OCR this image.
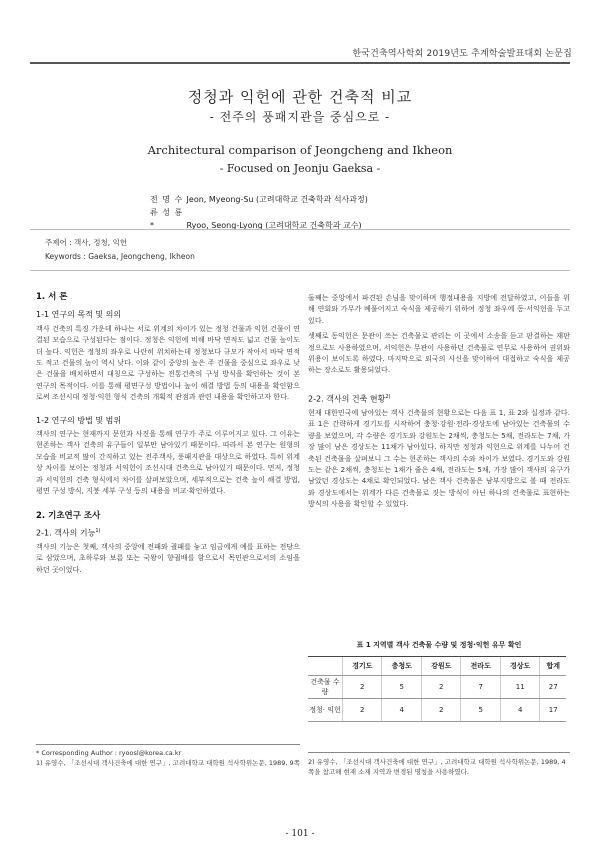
한국건축역사학회 2019년도 추계학술발표대회 논문집
정청과 익헌에 관한 건축적 비교
- 전주의 풍패지관을 중심으로 -
Architectural comparison of Jeongcheng and Ikheon
- Focused on Jeonju Gaeksa -
전 명 수 Jeon, Myeong-Su (고려대학교 건축학과 석사과정)
류 성 룡*	Ryoo, Seong-Lyong (고려대학교 건축학과 교수)
주제어 : 객사, 정청, 익헌
Keywords : Gaeksa, Jeongcheng, Ikheon
1. 서 론
1-1 연구의 목적 및 의의

객사 건축의 특징 가운데 하나는 서로 위계의 차이가 있는 정청 건물과 익헌 건물이 연결된 모습으로 구성된다는 점이다. 정청은 익헌에 비해 바닥 면적도 넓고 건물 높이도 더 높다. 익헌은 정청의 좌우로 나란히 위치하는데 정청보다 규모가 작아서 바닥 면적도 적고 건물의 높이 역시 낮다. 이와 같이 중앙의 높은 주 건물을 중심으로 좌우로 낮은 건물을 배치하면서 대칭으로 구성하는 전통건축의 구성 방식을 확인하는 것이 본 연구의 목적이다. 이를 통해 평면구성 방법이나 높이 해결 방법 등의 내용을 확인함으로써 조선시대 정청·익헌 형식 건축의 개획적 관점과 관련 내용을 확인하고자 한다.

1-2 연구의 방법 및 범위

객사의 연구는 현재까지 문헌과 사진을 통해 연구가 주로 이루어지고 있다. 그 이유는 현존하는 객사 건축의 유구들이 일부만 남아있기 때문이다. 따라서 본 연구는 원형의 모습을 비교적 많이 간직하고 있는 전주객사, 풍패지관을 대상으로 하였다. 특히 위계상 차이를 보이는 정청과 서익헌이 조선시대 건축으로 남아있기 때문이다. 먼저, 정청과 서익헌의 건축 형식에서 차이를 살펴보았으며, 세부적으로는 건축 높이 해결 방법, 평면 구성 방식, 지붕 세부 구성 등의 내용을 비교·확인하였다.

2. 기초연구 조사
2-1. 객사의 기능$^{1)}$

객사의 기능은 첫째, 객사의 중앙에 전패와 궐패를 놓고 임금에게 예를 표하는 전당으로 삼았으며, 초하루와 보름 또는 국왕이 향궐배를 함으로서 목민관으로서의 소임을 하던 곳이었다.

* Corresponding Author : ryoosl@korea.ca.kr
1) 유영수, 「조선시대 객사건축에 대한 연구」, 고려대학교 대학원 석사학위논문, 1989, 9쪽

둘째는 중앙에서 파견된 손님을 맞이하며 행정내용을 지방에 전달하였고, 이들을 위해 연회와 가무가 베풀어지고 숙식을 제공하기 위하여 정청 좌우에 동·서익헌을 두고 있다.

셋째로 동익헌은 문관이 쓰는 건축물로 관리는 이 곳에서 소송을 듣고 판결하는 재판정으로도 사용하였으며, 서익헌은 무관이 사용하던 건축물로 연무로 사용하여 권위와 위용이 보이도록 하였다. 마지막으로 외국의 사신을 맞이하여 대접하고 숙식을 제공하는 장소로도 활용되었다.

2-2. 객사의 건축 현황$^{2)}$

현재 대한민국에 남아있는 객사 건축물의 현황으로는 다음 표 1, 표 2와 실정과 같다. 표 1은 간략하게 경기도를 시작하여 충청·강원·전라·경상도에 남아있는 건축물의 수량을 보였으며, 각 수량은 경기도와 강원도는 2채씩, 충청도는 5채, 전라도는 7채, 가장 많이 남은 경상도는 11채가 남아있다. 하지만 정청과 익헌으로 위계를 나누어 건축된 건축물을 살펴보니 그 수는 현존하는 객사의 수와 차이가 보였다. 경기도와 강원도는 같은 2채씩, 충청도는 1채가 줄은 4채, 전라도는 5채, 가장 많이 객사의 유구가 남았던 경상도는 4채로 확인되었다. 남은 객사 건축물은 남부지방으로 볼 때 전라도와 경상도에서는 위계가 다른 건축물로 짓는 방식이 아닌 하나의 건축물로 표현하는 방식의 사용을 확인할 수 있었다.

표 1 지역별 객사 건축물 수량 및 정청·익헌 유무 확인
	경기도	충청도	강원도	전라도	경상도	합계
건축물 수량	2	5	2	7	11	27
정청· 익헌	2	4	2	5	4	17
2) 유영수, 「조선시대 객사건축에 대한 연구」, 고려대학교 대학원 석사학위논문, 1989, 4쪽을 참고해 현재 소재 지역과 변경된 명칭을 사용하였다.
- 101 -
